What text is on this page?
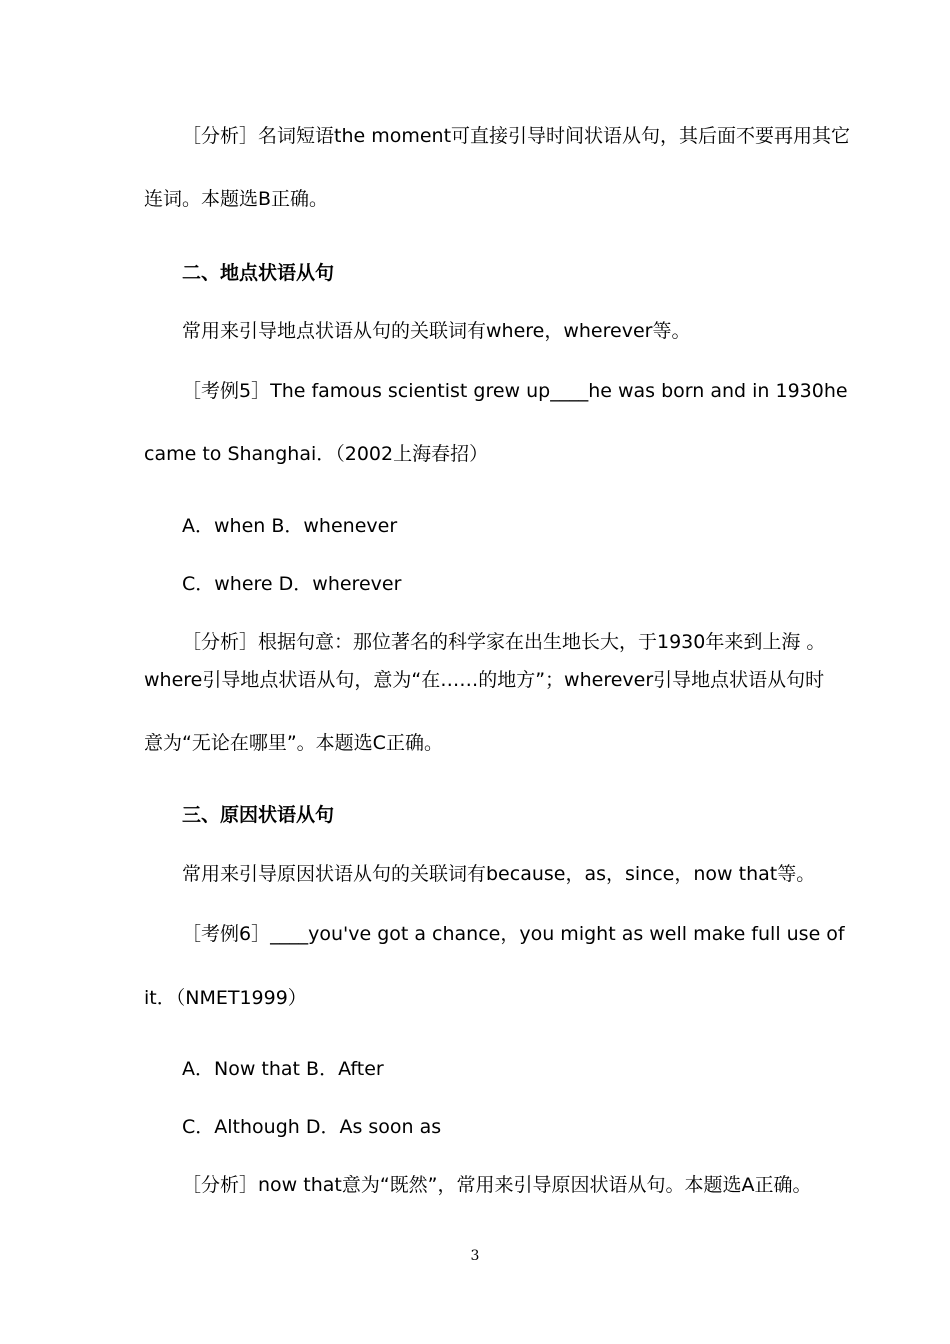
［分析］名词短语the moment可直接引导时间状语从句，其后面不要再用其它
连词。本题选B正确。
二、地点状语从句
常用来引导地点状语从句的关联词有where，wherever等。
［考例5］The famous scientist grew up____he was born and in 1930he
came to Shanghai．（2002上海春招）
A．when B．whenever
C．where D．wherever
［分析］根据句意：那位著名的科学家在出生地长大，于1930年来到上海 。
where引导地点状语从句，意为“在……的地方”；wherever引导地点状语从句时
意为“无论在哪里”。本题选C正确。
三、原因状语从句
常用来引导原因状语从句的关联词有because，as，since，now that等。
［考例6］____you've got a chance，you might as well make full use of
it．（NMET1999）
A．Now that B．After
C．Although D．As soon as
［分析］now that意为“既然”，常用来引导原因状语从句。本题选A正确。
3
